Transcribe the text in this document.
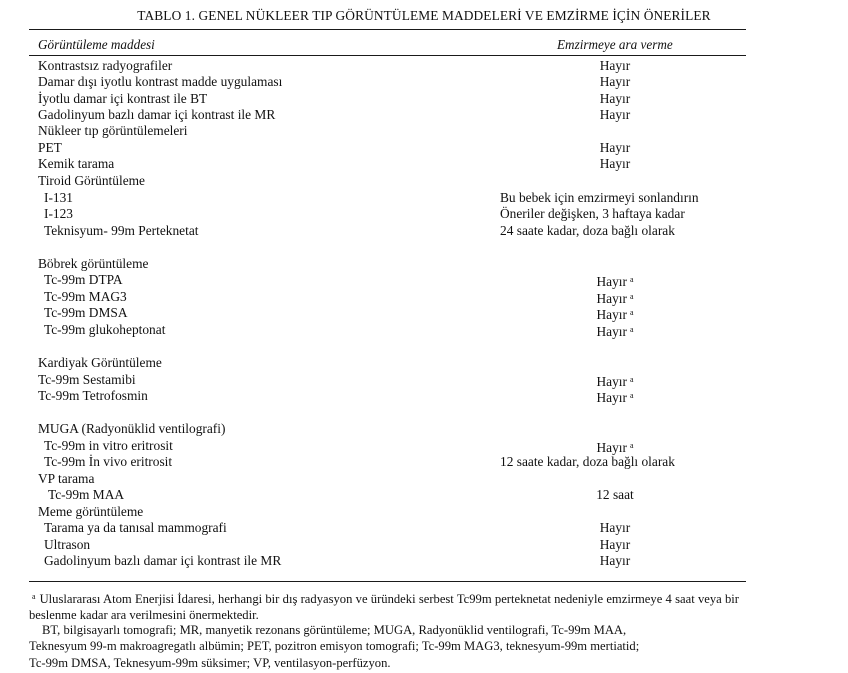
TABLO 1. GENEL NÜKLEER TIP GÖRÜNTÜLEME MADDELERİ VE EMZİRME İÇİN ÖNERİLER
Görüntüleme maddesi	Emzirmeye ara verme
Kontrastsız radyografiler	Hayır
Damar dışı iyotlu kontrast madde uygulaması	Hayır
İyotlu damar içi kontrast ile BT	Hayır
Gadolinyum bazlı damar içi kontrast ile MR	Hayır
Nükleer tıp görüntülemeleri
PET	Hayır
Kemik tarama	Hayır
Tiroid Görüntüleme
I-131	Bu bebek için emzirmeyi sonlandırın
I-123	Öneriler değişken, 3 haftaya kadar
Teknisyum- 99m Perteknetat	24 saate kadar, doza bağlı olarak
Böbrek görüntüleme
Tc-99m DTPA	Hayır $^a$
Tc-99m MAG3	Hayır $^a$
Tc-99m DMSA	Hayır $^a$
Tc-99m glukoheptonat	Hayır $^a$
Kardiyak Görüntüleme
Tc-99m Sestamibi	Hayır $^a$
Tc-99m Tetrofosmin	Hayır $^a$
MUGA (Radyonüklid ventilografi)
Tc-99m in vitro eritrosit	Hayır $^a$
Tc-99m İn vivo eritrosit	12 saate kadar, doza bağlı olarak
VP tarama
Tc-99m MAA	12 saat
Meme görüntüleme
Tarama ya da tanısal mammografi	Hayır
Ultrason	Hayır
Gadolinyum bazlı damar içi kontrast ile MR	Hayır
$^a$ Uluslararası Atom Enerjisi İdaresi, herhangi bir dış radyasyon ve üründeki serbest Tc99m perteknetat nedeniyle emzirmeye 4 saat veya bir beslenme kadar ara verilmesini önermektedir.
BT, bilgisayarlı tomografi; MR, manyetik rezonans görüntüleme; MUGA, Radyonüklid ventilografi, Tc-99m MAA,
Teknesyum 99-m makroagregatlı albümin; PET, pozitron emisyon tomografi; Tc-99m MAG3, teknesyum-99m mertiatid;
Tc-99m DMSA, Teknesyum-99m süksimer; VP, ventilasyon-perfüzyon.
